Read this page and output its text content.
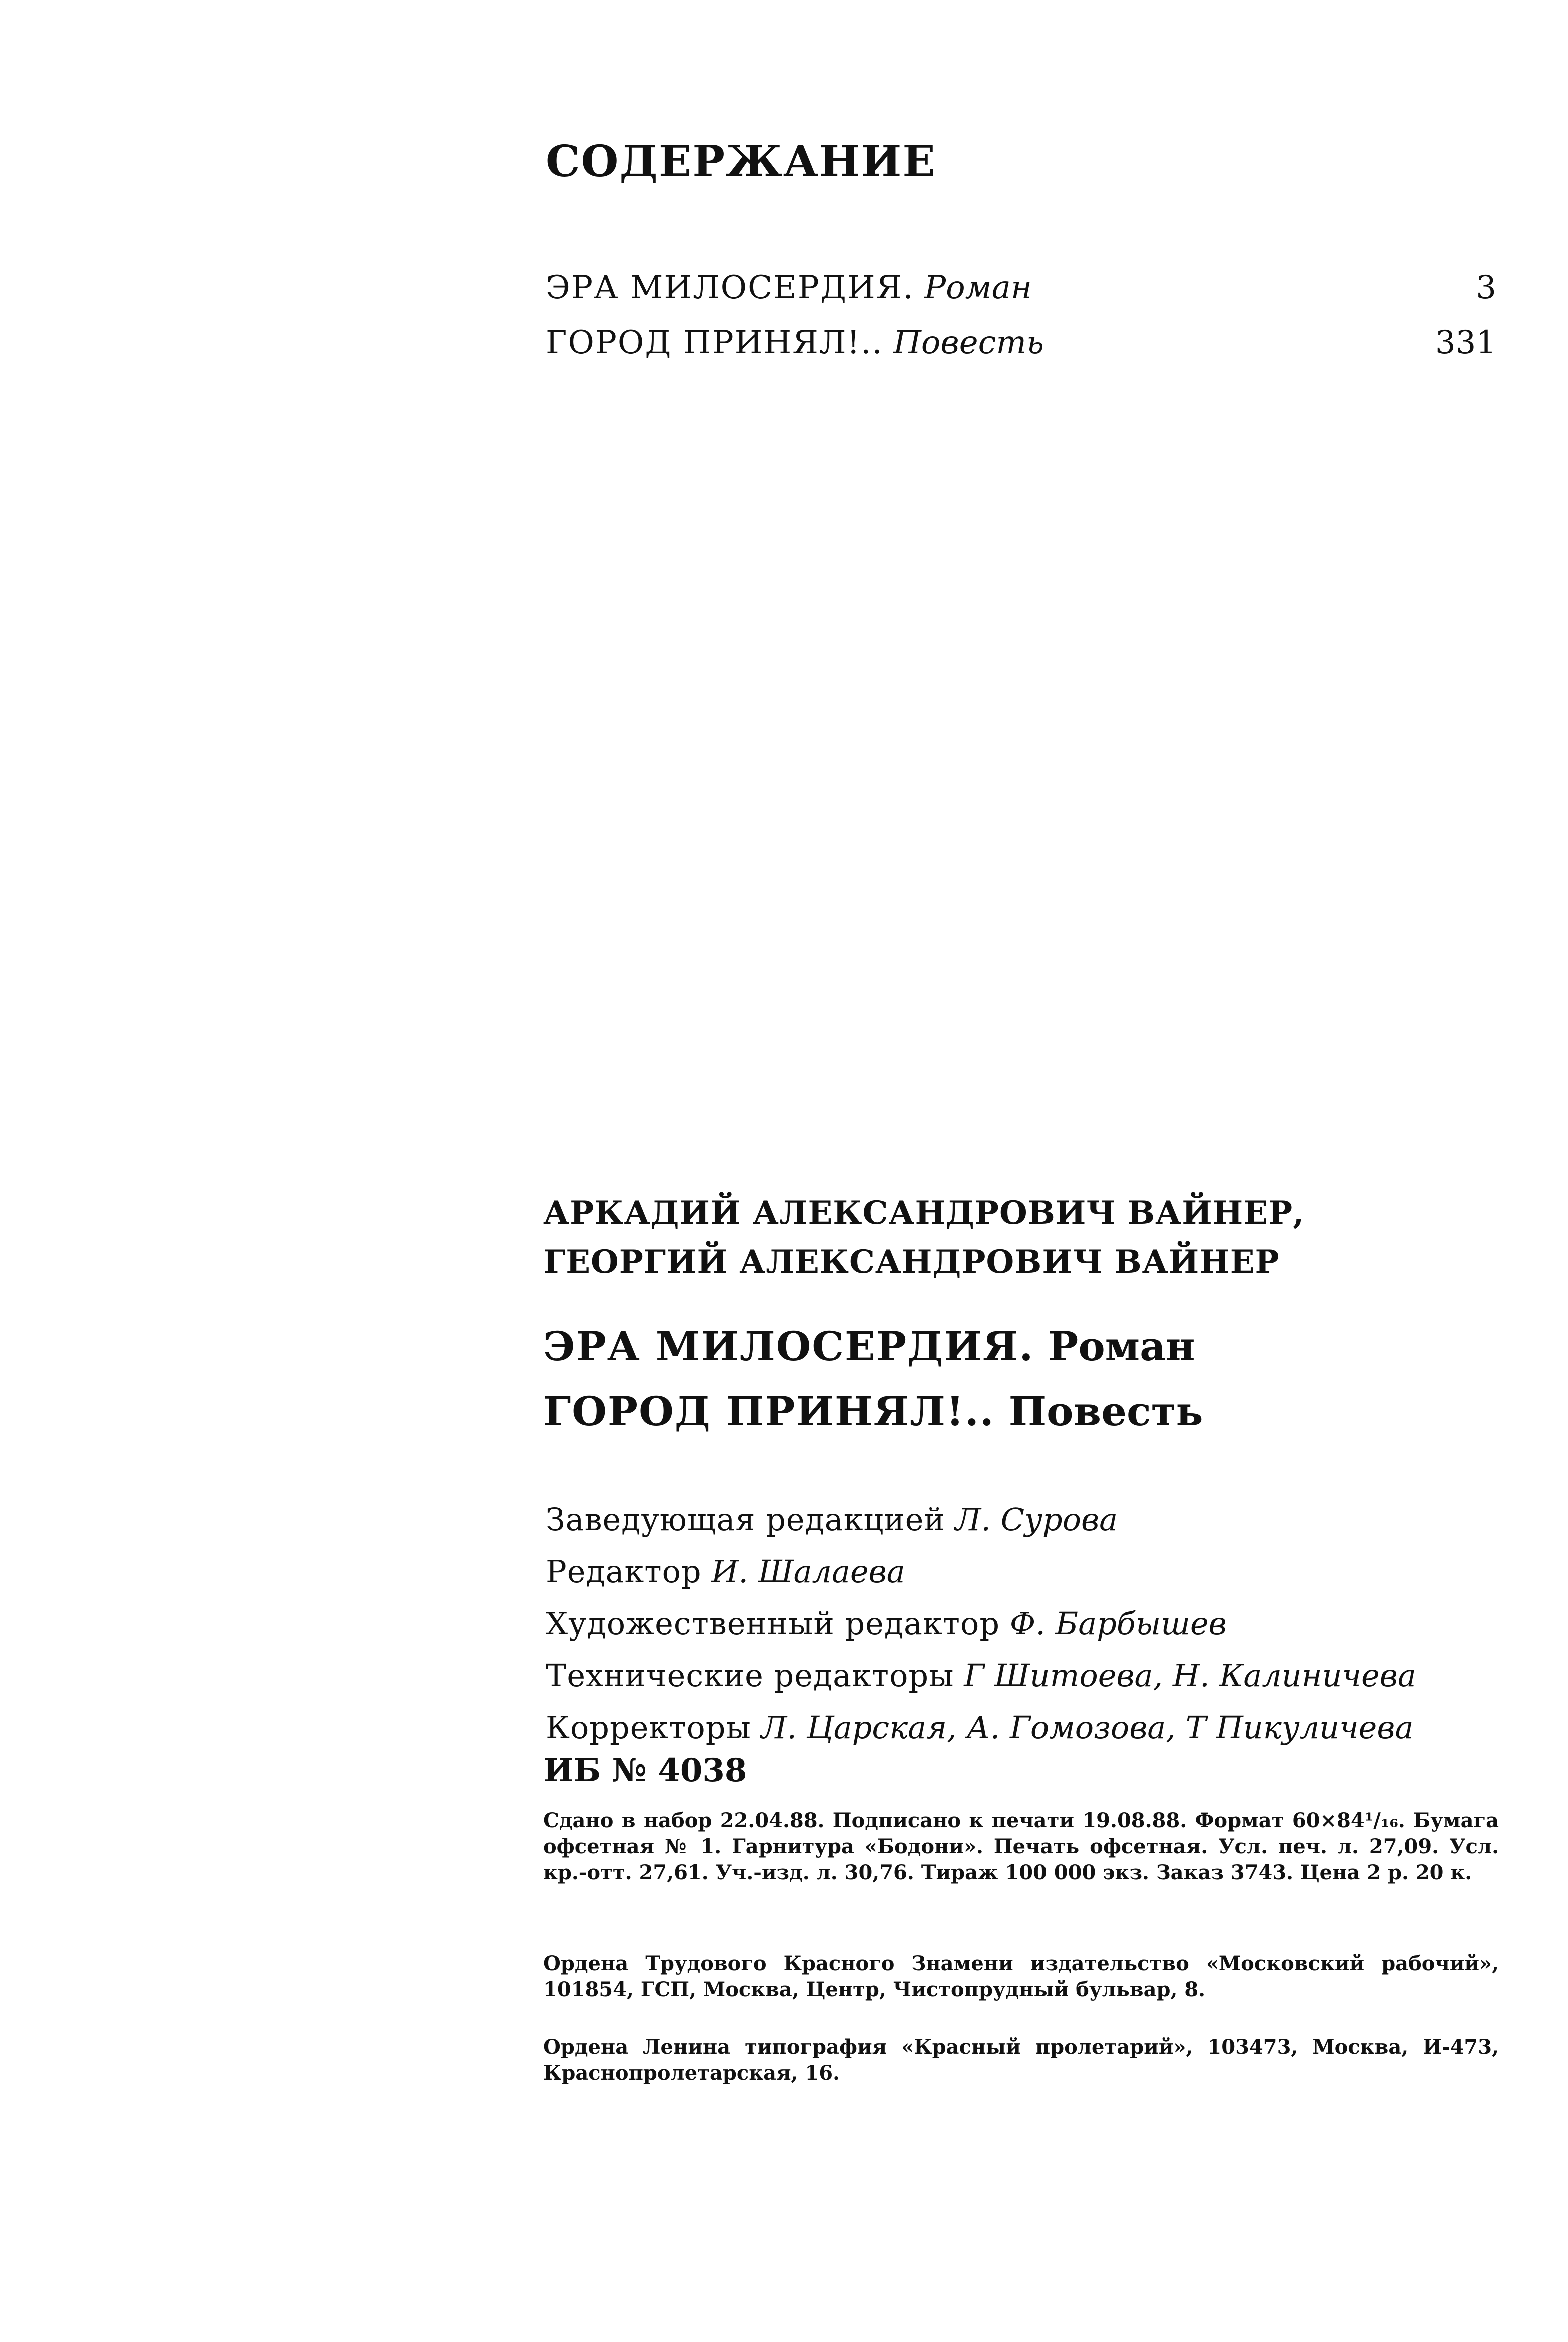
СОДЕРЖАНИЕ
ЭРА МИЛОСЕРДИЯ. Роман	3
ГОРОД ПРИНЯЛ!.. Повесть	331
АРКАДИЙ АЛЕКСАНДРОВИЧ ВАЙНЕР,
ГЕОРГИЙ АЛЕКСАНДРОВИЧ ВАЙНЕР
ЭРА МИЛОСЕРДИЯ. Роман
ГОРОД ПРИНЯЛ!.. Повесть
Заведующая редакцией Л. Сурова
Редактор И. Шалаева
Художественный редактор Ф. Барбышев
Технические редакторы Г Шитоева, Н. Калиничева
Корректоры Л. Царская, А. Гомозова, Т Пикуличева
ИБ № 4038
Сдано в набор 22.04.88. Подписано к печати 19.08.88. Формат 60×84¹/₁₆. Бумага офсетная № 1. Гарнитура «Бодони». Печать офсетная. Усл. печ. л. 27,09. Усл. кр.-отт. 27,61. Уч.-изд. л. 30,76. Тираж 100 000 экз. Заказ 3743. Цена 2 р. 20 к.
Ордена Трудового Красного Знамени издательство «Московский рабочий», 101854, ГСП, Москва, Центр, Чистопрудный бульвар, 8.
Ордена Ленина типография «Красный пролетарий», 103473, Москва, И-473, Краснопролетарская, 16.
